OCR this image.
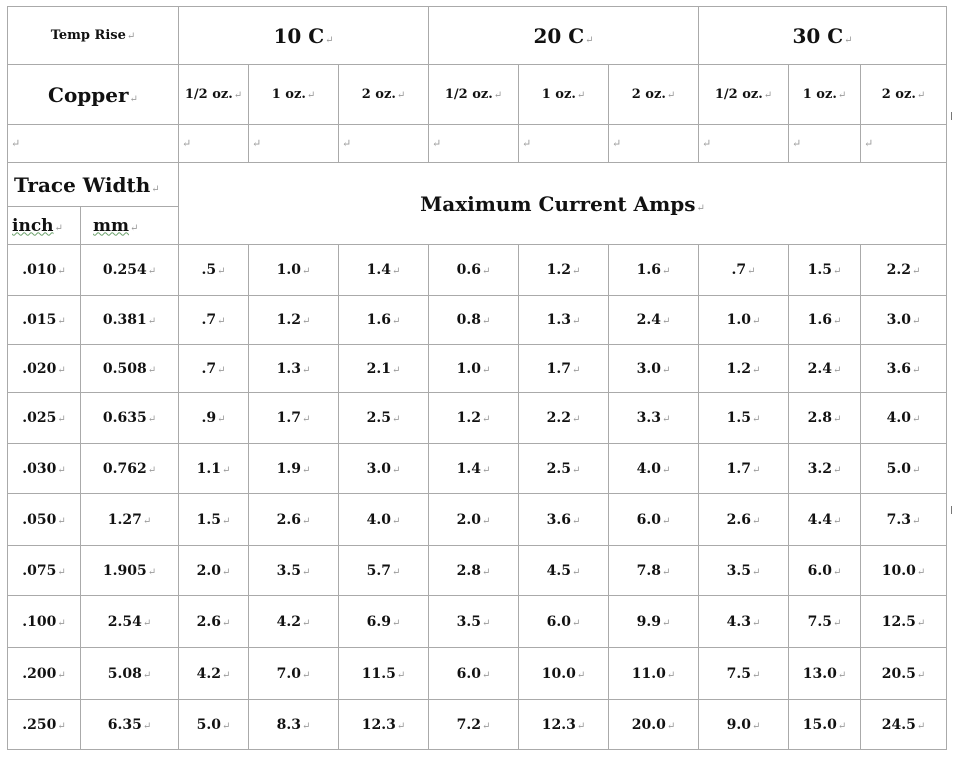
Temp Rise↵		10 C↵			20 C↵			30 C↵		
Copper↵		1/2 oz.↵	1 oz.↵	2 oz.↵	1/2 oz.↵	1 oz.↵	2 oz.↵	1/2 oz.↵	1 oz.↵	2 oz.↵
↵		↵	↵	↵	↵	↵	↵	↵	↵	↵
Trace Width↵		Maximum Current Amps↵								
inch↵	mm↵									
.010↵	0.254↵	.5↵	1.0↵	1.4↵	0.6↵	1.2↵	1.6↵	.7↵	1.5↵	2.2↵
.015↵	0.381↵	.7↵	1.2↵	1.6↵	0.8↵	1.3↵	2.4↵	1.0↵	1.6↵	3.0↵
.020↵	0.508↵	.7↵	1.3↵	2.1↵	1.0↵	1.7↵	3.0↵	1.2↵	2.4↵	3.6↵
.025↵	0.635↵	.9↵	1.7↵	2.5↵	1.2↵	2.2↵	3.3↵	1.5↵	2.8↵	4.0↵
.030↵	0.762↵	1.1↵	1.9↵	3.0↵	1.4↵	2.5↵	4.0↵	1.7↵	3.2↵	5.0↵
.050↵	1.27↵	1.5↵	2.6↵	4.0↵	2.0↵	3.6↵	6.0↵	2.6↵	4.4↵	7.3↵
.075↵	1.905↵	2.0↵	3.5↵	5.7↵	2.8↵	4.5↵	7.8↵	3.5↵	6.0↵	10.0↵
.100↵	2.54↵	2.6↵	4.2↵	6.9↵	3.5↵	6.0↵	9.9↵	4.3↵	7.5↵	12.5↵
.200↵	5.08↵	4.2↵	7.0↵	11.5↵	6.0↵	10.0↵	11.0↵	7.5↵	13.0↵	20.5↵
.250↵	6.35↵	5.0↵	8.3↵	12.3↵	7.2↵	12.3↵	20.0↵	9.0↵	15.0↵	24.5↵
